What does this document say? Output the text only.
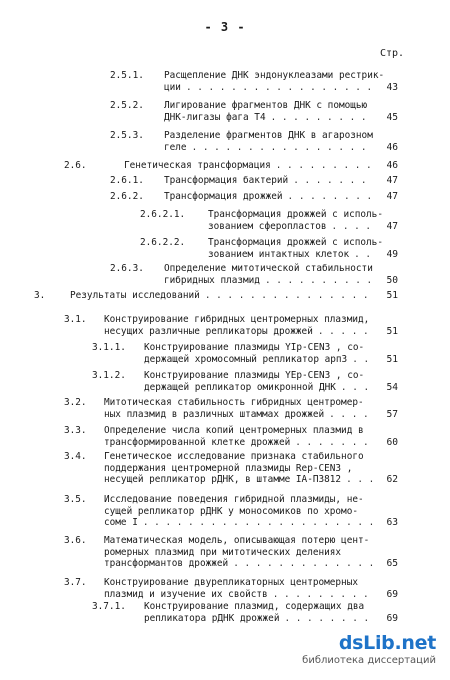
- 3 -
Стр.
2.5.1. Расщепление ДНК эндонуклеазами рестрик-
ции . . .	43
2.5.2. Лигирование фрагментов ДНК с помощью
ДНК-лигазы фага Т4 . . .	45
2.5.3. Разделение фрагментов ДНК в агарозном
геле . . .	46
2.6.	Генетическая трансформация . . .	46
2.6.1. Трансформация бактерий . . .	47
2.6.2. Трансформация дрожжей . . .	47
2.6.2.1. Трансформация дрожжей с исполь-
зованием сферопластов . . .	47
2.6.2.2. Трансформация дрожжей с исполь-
зованием интактных клеток . . .	49
2.6.3. Определение митотической стабильности
гибридных плазмид . . .	50
3.	Результаты исследований . . .	51
3.1. Конструирование гибридных центромерных плазмид,
несущих различные репликаторы дрожжей . . .	51
3.1.1. Конструирование плазмиды YIp-CEN3 , со-
держащей хромосомный репликатор арп3 . . .	51
3.1.2. Конструирование плазмиды YEp-CEN3 , со-
держащей репликатор омикронной ДНК . . .	54
3.2. Митотическая стабильность гибридных центромер-
ных плазмид в различных штаммах дрожжей . . .	57
3.3. Определение числа копий центромерных плазмид в
трансформированной клетке дрожжей . . .	60
3.4. Генетическое исследование признака стабильного
поддержания центромерной плазмиды Rep-CEN3 ,
несущей репликатор рДНК, в штамме IA-П3812 . . .	62
3.5. Исследование поведения гибридной плазмиды, не-
сущей репликатор рДНК у моносомиков по хромо-
соме I . . .	63
3.6. Математическая модель, описывающая потерю цент-
ромерных плазмид при митотических делениях
трансформантов дрожжей . . .	65
3.7. Конструирование двурепликаторных центромерных
плазмид и изучение их свойств . . .	69
3.7.1. Конструирование плазмид, содержащих два
репликатора рДНК дрожжей . . .	69
dsLib.net
библиотека диссертаций
